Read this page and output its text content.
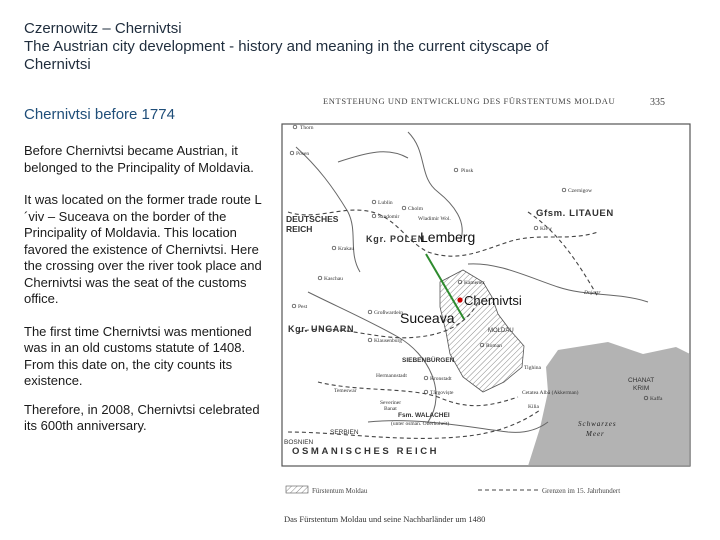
Czernowitz – Chernivtsi
The Austrian city development - history and meaning in the current cityscape of
Chernivtsi
Chernivtsi before 1774

Before Chernivtsi became Austrian, it belonged to the Principality of Moldavia.

It was located on the former trade route L´viv – Suceava on the border of the Principality of Moldavia. This location favored the existence of Chernivtsi. Here the crossing over the river took place and Chernivtsi was the seat of the customs office.

The first time Chernivtsi was mentioned was in an old customs statute of 1408. From this date on, the city counts its existence.

Therefore, in 2008, Chernivtsi celebrated its 600th anniversary.

ENTSTEHUNG UND ENTWICKLUNG DES FÜRSTENTUMS MOLDAU	335
DEUTSCHES
REICH
Kgr. POLEN
Gfsm. LITAUEN
Kgr. UNGARN
SIEBENBÜRGEN
MOLDAU
Fsm. WALACHEI
(unter osman. Oberhoheit)
SERBIEN
BOSNIEN
OSMANISCHES REICH
CHANAT
KRIM
Schwarzes
Meer
Severiner
Banat
Thorn
Posen
Pinsk
Lublin
Sandomir
Cholm
Wladimir Wol.
Czernigow
Kiew
Krakau
Kaschau
Kamenez
Großwardein
Klausenburg
Hermannstadt	Kronstadt
Roman
Tighina
Cetatea Albă (Akkerman)
Kilia
Kaffa
Târgoviște
Pest
Temeswar
Dnjestr
Fürstentum Moldau	Grenzen im 15. Jahrhundert
Das Fürstentum Moldau und seine Nachbarländer um 1480
Lemberg
Chernivtsi
Suceava
